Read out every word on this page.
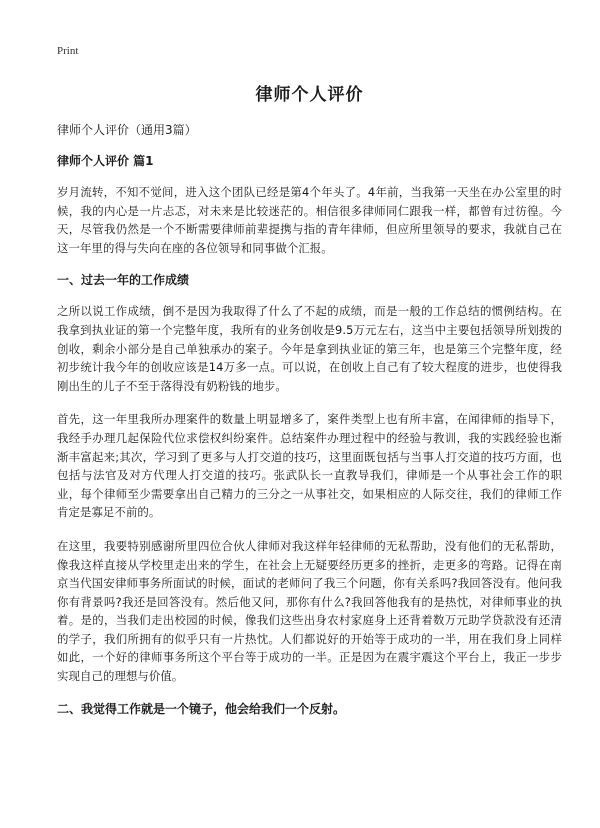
Print
律师个人评价

律师个人评价（通用3篇）

律师个人评价 篇1

岁月流转，不知不觉间，进入这个团队已经是第4个年头了。4年前，当我第一天坐在办公室里的时候，我的内心是一片忐忑，对未来是比较迷茫的。相信很多律师同仁跟我一样，都曾有过彷徨。今天，尽管我仍然是一个不断需要律师前辈提携与指的青年律师，但应所里领导的要求，我就自己在这一年里的得与失向在座的各位领导和同事做个汇报。

一、过去一年的工作成绩

之所以说工作成绩，倒不是因为我取得了什么了不起的成绩，而是一般的工作总结的惯例结构。在我拿到执业证的第一个完整年度，我所有的业务创收是9.5万元左右，这当中主要包括领导所划拨的创收，剩余小部分是自己单独承办的案子。今年是拿到执业证的第三年，也是第三个完整年度，经初步统计我今年的创收应该是14万多一点。可以说，在创收上自己有了较大程度的进步，也使得我刚出生的儿子不至于落得没有奶粉钱的地步。

首先，这一年里我所办理案件的数量上明显增多了，案件类型上也有所丰富，在闻律师的指导下，我经手办理几起保险代位求偿权纠纷案件。总结案件办理过程中的经验与教训，我的实践经验也渐渐丰富起来;其次，学习到了更多与人打交道的技巧，这里面既包括与当事人打交道的技巧方面，也包括与法官及对方代理人打交道的技巧。张武队长一直教导我们，律师是一个从事社会工作的职业，每个律师至少需要拿出自己精力的三分之一从事社交，如果相应的人际交往，我们的律师工作肯定是寡足不前的。

在这里，我要特别感谢所里四位合伙人律师对我这样年轻律师的无私帮助，没有他们的无私帮助，像我这样直接从学校里走出来的学生，在社会上无疑要经历更多的挫折，走更多的弯路。记得在南京当代国安律师事务所面试的时候，面试的老师问了我三个问题，你有关系吗?我回答没有。他问我你有背景吗?我还是回答没有。然后他又问，那你有什么?我回答他我有的是热忱，对律师事业的执着。是的，当我们走出校园的时候，像我们这些出身农村家庭身上还背着数万元助学贷款没有还清的学子，我们所拥有的似乎只有一片热忱。人们都说好的开始等于成功的一半，用在我们身上同样如此，一个好的律师事务所这个平台等于成功的一半。正是因为在震宇震这个平台上，我正一步步实现自己的理想与价值。

二、我觉得工作就是一个镜子，他会给我们一个反射。
